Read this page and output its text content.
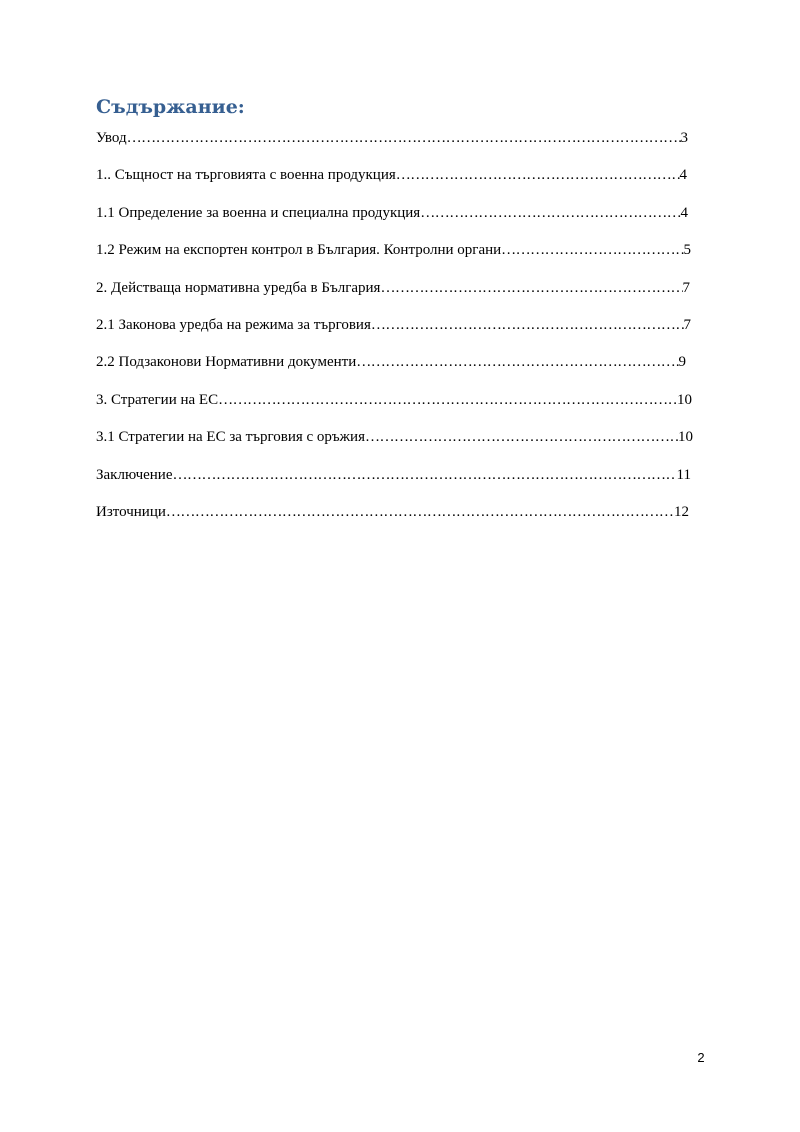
Съдържание:
Увод …………………………………………………………………………………………………………………………………………………………………………	3
1.. Същност на търговията с военна продукция …………………………………………………………………………………………………………………………………………………………………………	4
1.1 Определение за военна и специална продукция …………………………………………………………………………………………………………………………………………………………………………	4
1.2 Режим на експортен контрол в България. Контролни органи …………………………………………………………………………………………………………………………………………………………………………	5
2. Действаща нормативна уредба в България …………………………………………………………………………………………………………………………………………………………………………	7
2.1 Законова уредба на режима за търговия …………………………………………………………………………………………………………………………………………………………………………	7
2.2 Подзаконови Нормативни документи …………………………………………………………………………………………………………………………………………………………………………	9
3. Стратегии на ЕС …………………………………………………………………………………………………………………………………………………………………………	10
3.1 Стратегии на ЕС за търговия с оръжия …………………………………………………………………………………………………………………………………………………………………………	10
Заключение …………………………………………………………………………………………………………………………………………………………………………	11
Източници …………………………………………………………………………………………………………………………………………………………………………	12
2
